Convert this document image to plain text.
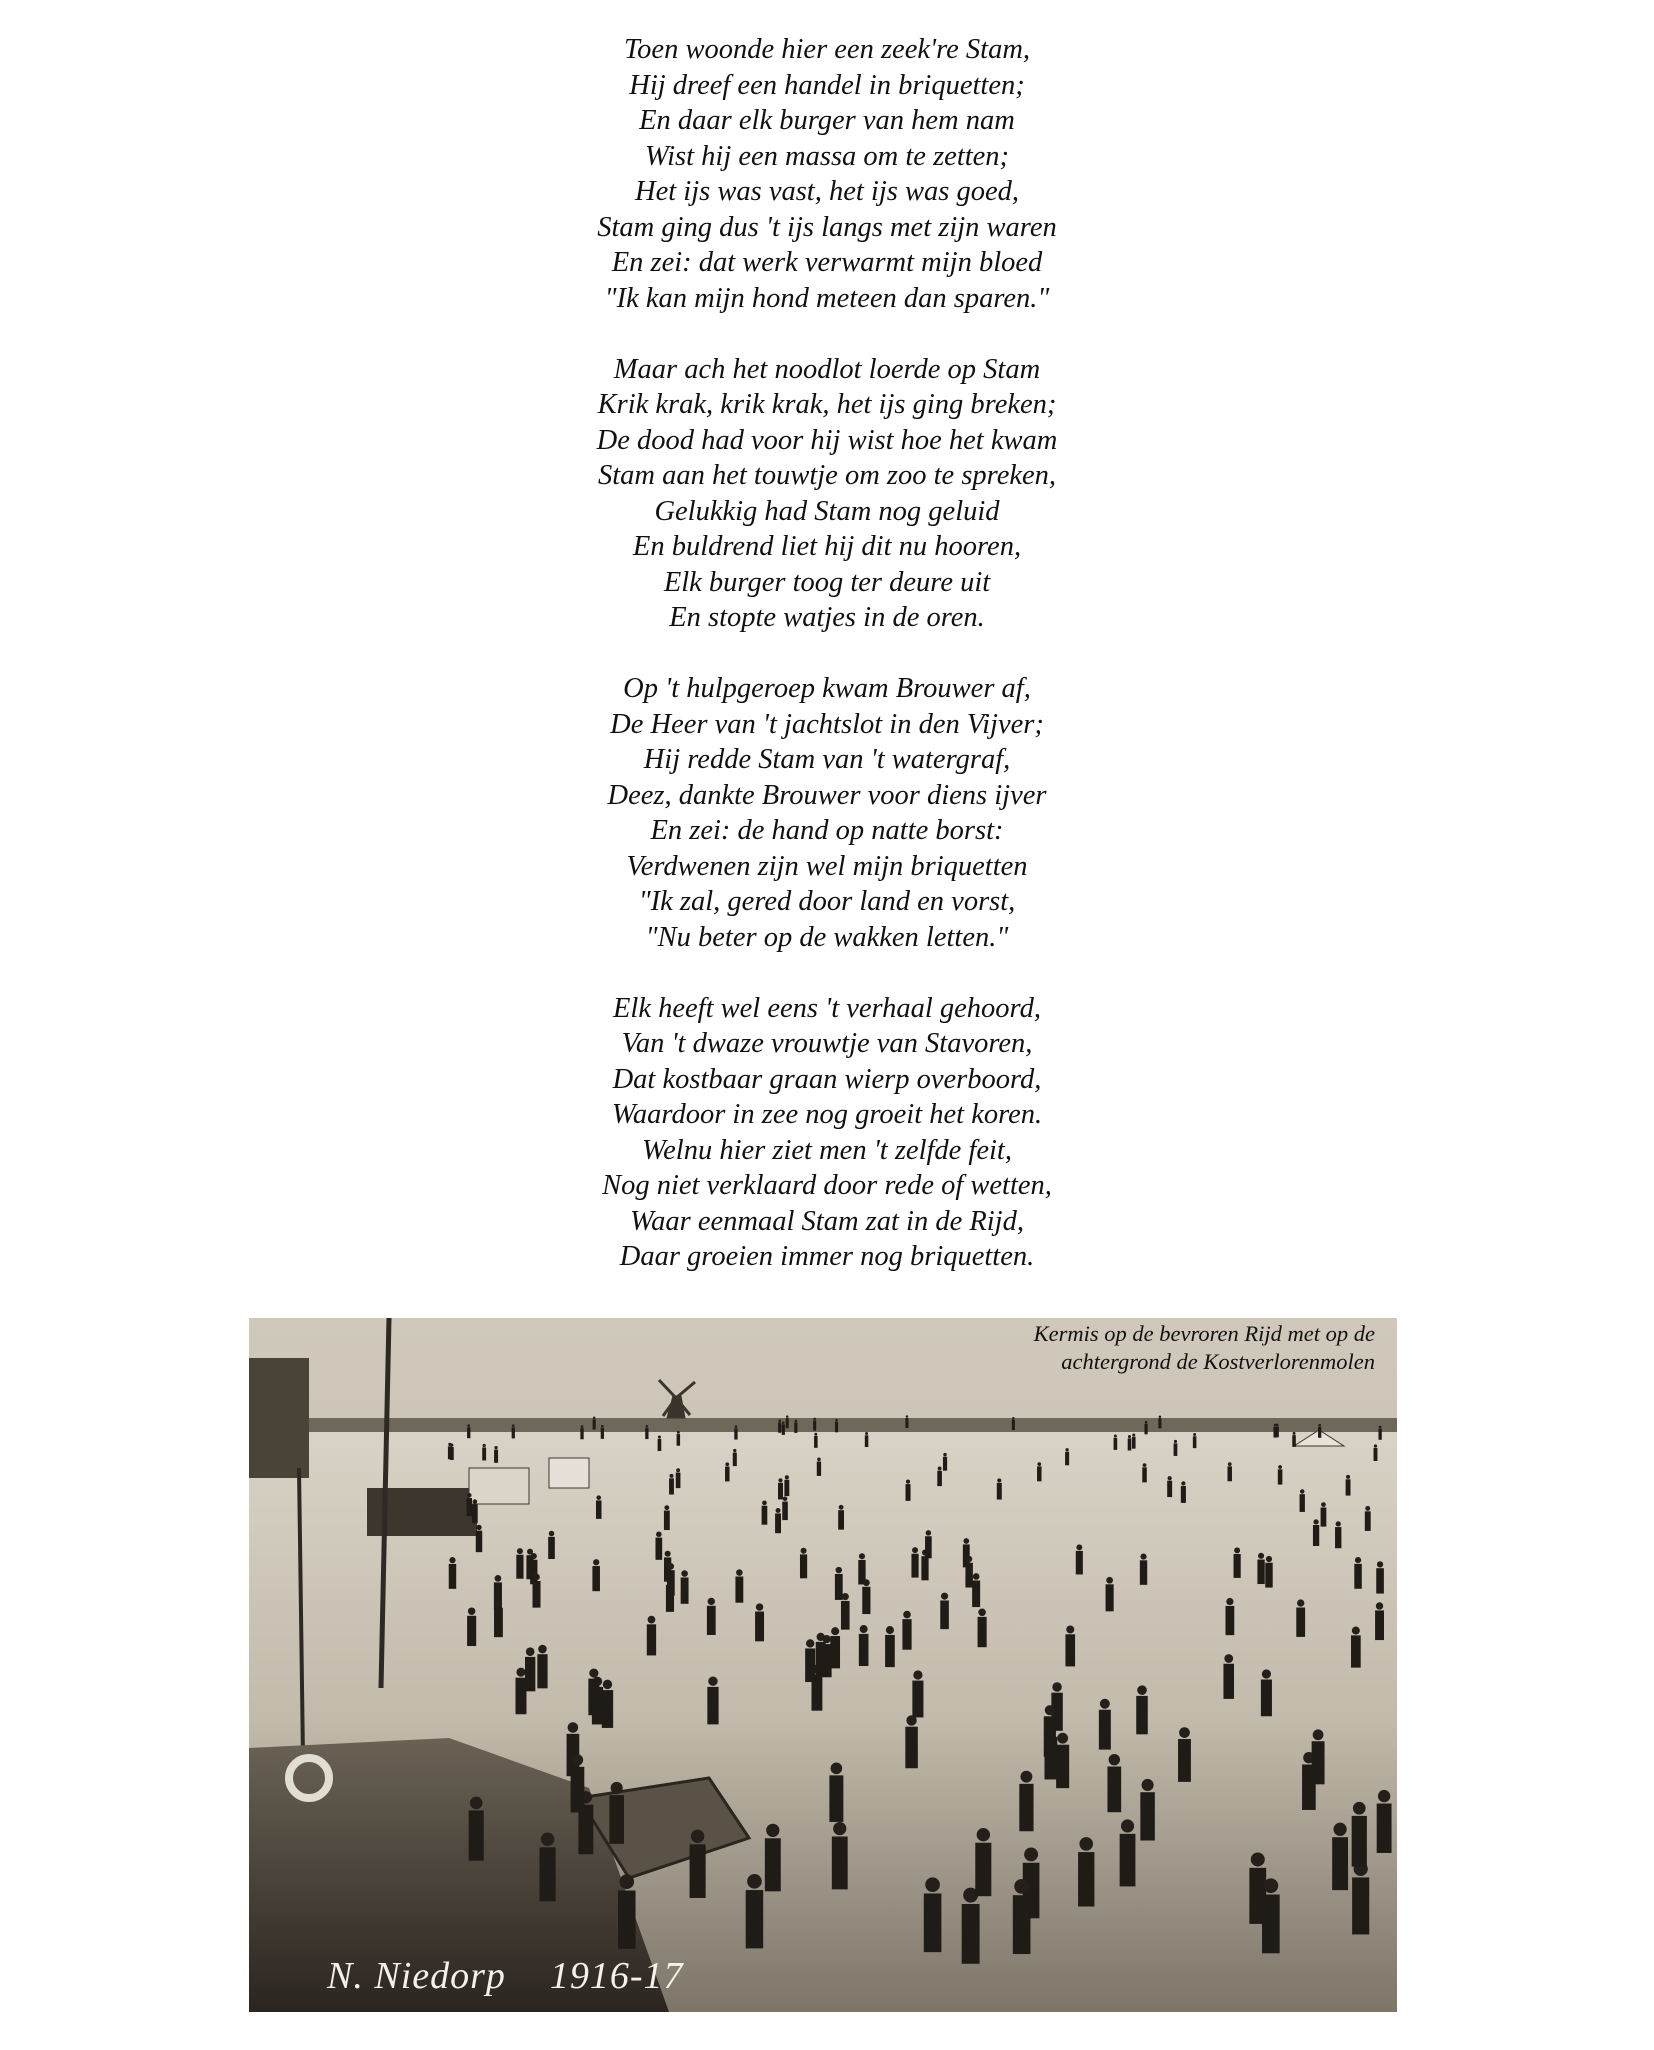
Toen woonde hier een zeek're Stam,
Hij dreef een handel in briquetten;
En daar elk burger van hem nam
Wist hij een massa om te zetten;
Het ijs was vast, het ijs was goed,
Stam ging dus 't ijs langs met zijn waren
En zei: dat werk verwarmt mijn bloed
"Ik kan mijn hond meteen dan sparen."
Maar ach het noodlot loerde op Stam
Krik krak, krik krak, het ijs ging breken;
De dood had voor hij wist hoe het kwam
Stam aan het touwtje om zoo te spreken,
Gelukkig had Stam nog geluid
En buldrend liet hij dit nu hooren,
Elk burger toog ter deure uit
En stopte watjes in de oren.
Op 't hulpgeroep kwam Brouwer af,
De Heer van 't jachtslot in den Vijver;
Hij redde Stam van 't watergraf,
Deez, dankte Brouwer voor diens ijver
En zei: de hand op natte borst:
Verdwenen zijn wel mijn briquetten
"Ik zal, gered door land en vorst,
"Nu beter op de wakken letten."
Elk heeft wel eens 't verhaal gehoord,
Van 't dwaze vrouwtje van Stavoren,
Dat kostbaar graan wierp overboord,
Waardoor in zee nog groeit het koren.
Welnu hier ziet men 't zelfde feit,
Nog niet verklaard door rede of wetten,
Waar eenmaal Stam zat in de Rijd,
Daar groeien immer nog briquetten.
Kermis op de bevroren Rijd met op de
achtergrond de Kostverlorenmolen
N. Niedorp 1916-17
